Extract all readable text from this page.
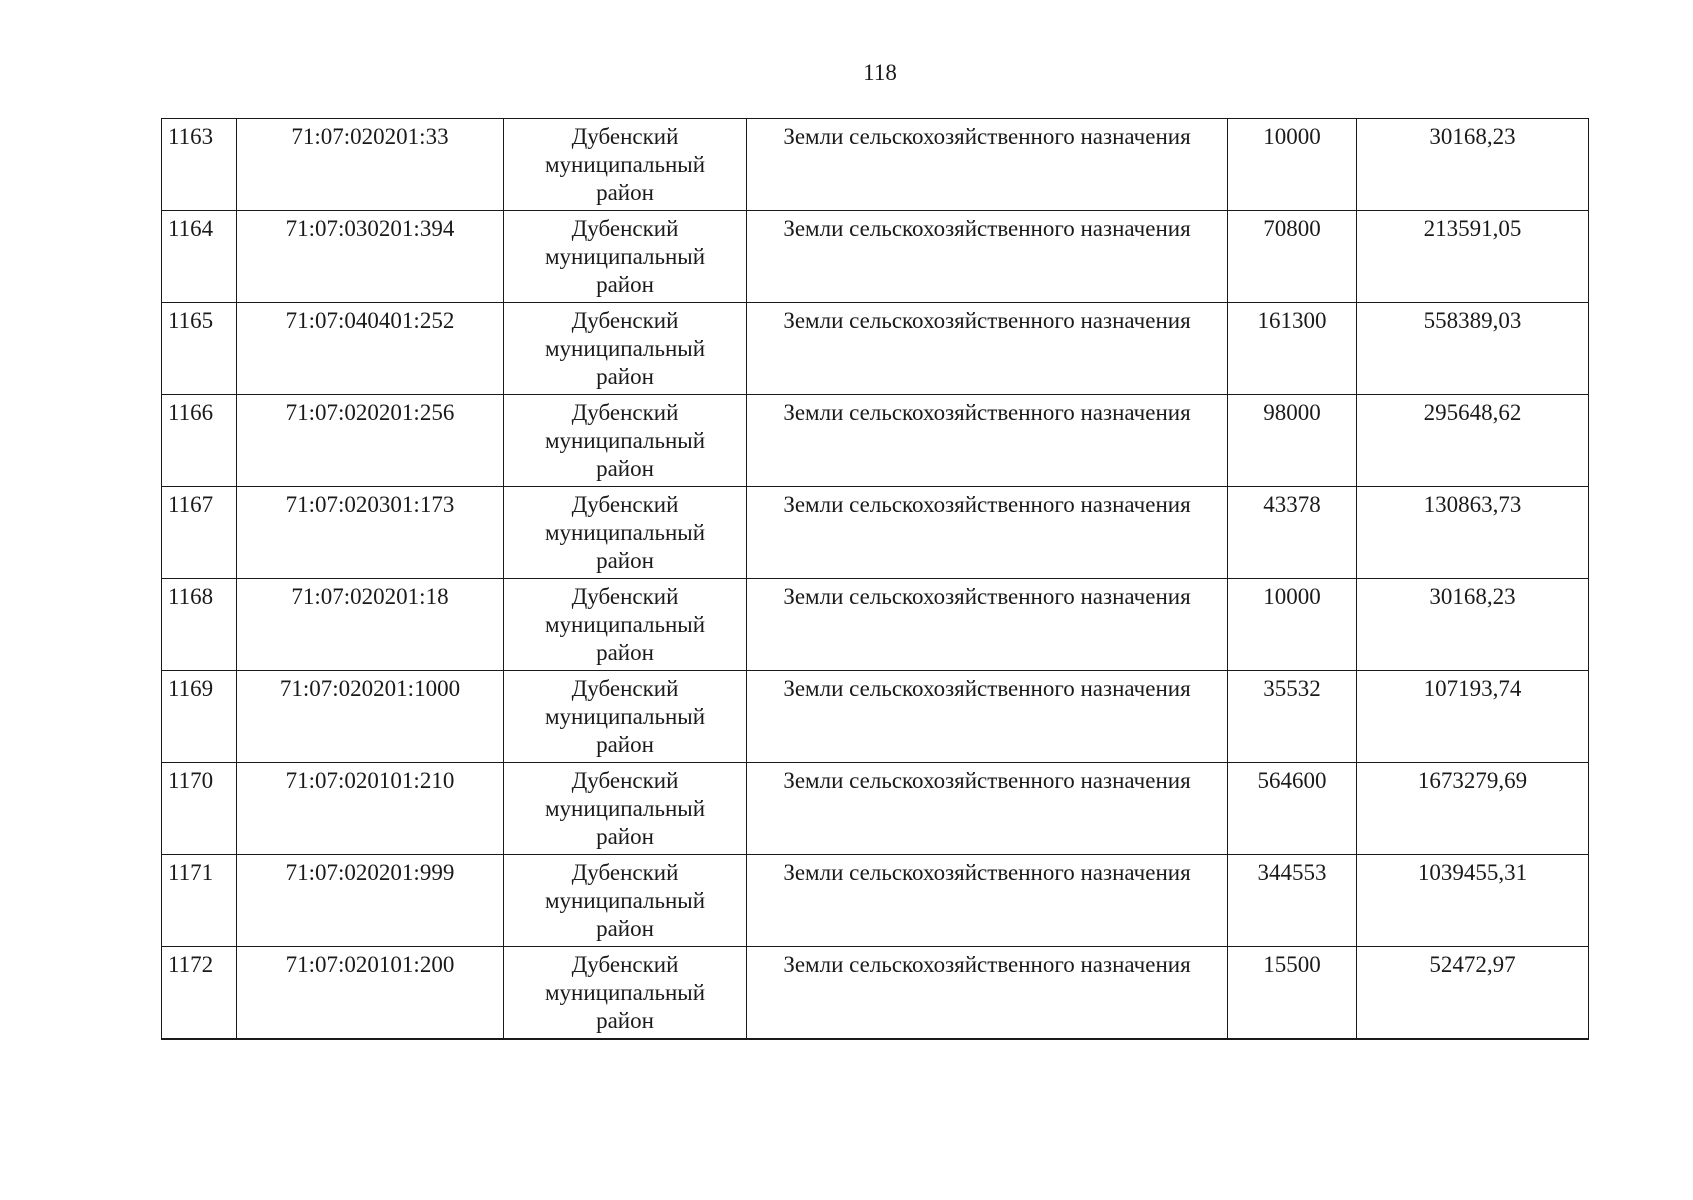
118
1163	71:07:020201:33	Дубенский
муниципальный
район	Земли сельскохозяйственного назначения	10000	30168,23
1164	71:07:030201:394	Дубенский
муниципальный
район	Земли сельскохозяйственного назначения	70800	213591,05
1165	71:07:040401:252	Дубенский
муниципальный
район	Земли сельскохозяйственного назначения	161300	558389,03
1166	71:07:020201:256	Дубенский
муниципальный
район	Земли сельскохозяйственного назначения	98000	295648,62
1167	71:07:020301:173	Дубенский
муниципальный
район	Земли сельскохозяйственного назначения	43378	130863,73
1168	71:07:020201:18	Дубенский
муниципальный
район	Земли сельскохозяйственного назначения	10000	30168,23
1169	71:07:020201:1000	Дубенский
муниципальный
район	Земли сельскохозяйственного назначения	35532	107193,74
1170	71:07:020101:210	Дубенский
муниципальный
район	Земли сельскохозяйственного назначения	564600	1673279,69
1171	71:07:020201:999	Дубенский
муниципальный
район	Земли сельскохозяйственного назначения	344553	1039455,31
1172	71:07:020101:200	Дубенский
муниципальный
район	Земли сельскохозяйственного назначения	15500	52472,97
